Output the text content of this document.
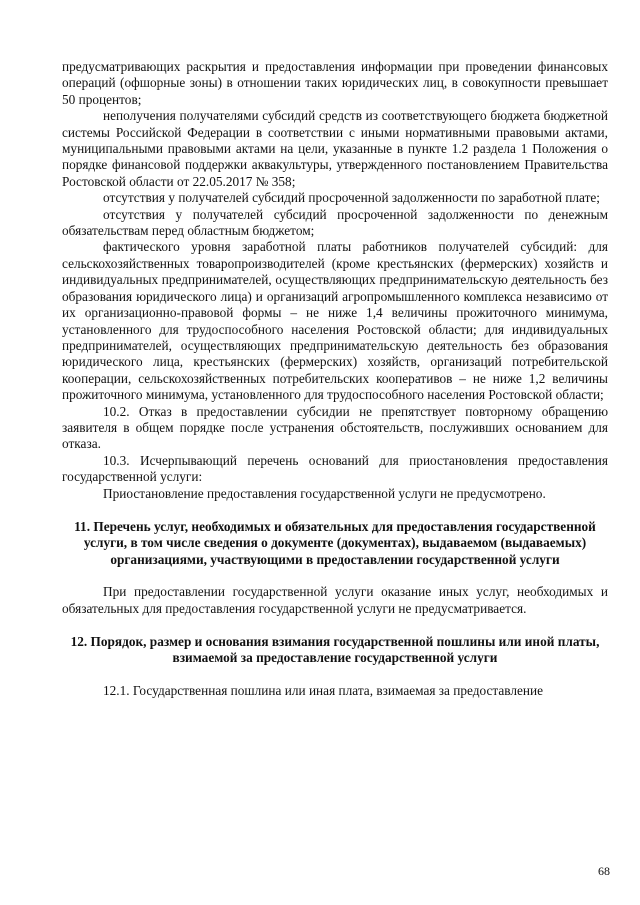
предусматривающих раскрытия и предоставления информации при проведении финансовых операций (офшорные зоны) в отношении таких юридических лиц, в совокупности превышает 50 процентов;

неполучения получателями субсидий средств из соответствующего бюджета бюджетной системы Российской Федерации в соответствии с иными нормативными правовыми актами, муниципальными правовыми актами на цели, указанные в пункте 1.2 раздела 1 Положения о порядке финансовой поддержки аквакультуры, утвержденного постановлением Правительства Ростовской области от 22.05.2017 № 358;

отсутствия у получателей субсидий просроченной задолженности по заработной плате;

отсутствия у получателей субсидий просроченной задолженности по денежным обязательствам перед областным бюджетом;

фактического уровня заработной платы работников получателей субсидий: для сельскохозяйственных товаропроизводителей (кроме крестьянских (фермерских) хозяйств и индивидуальных предпринимателей, осуществляющих предпринимательскую деятельность без образования юридического лица) и организаций агропромышленного комплекса независимо от их организационно-правовой формы – не ниже 1,4 величины прожиточного минимума, установленного для трудоспособного населения Ростовской области; для индивидуальных предпринимателей, осуществляющих предпринимательскую деятельность без образования юридического лица, крестьянских (фермерских) хозяйств, организаций потребительской кооперации, сельскохозяйственных потребительских кооперативов – не ниже 1,2 величины прожиточного минимума, установленного для трудоспособного населения Ростовской области;

10.2. Отказ в предоставлении субсидии не препятствует повторному обращению заявителя в общем порядке после устранения обстоятельств, послуживших основанием для отказа.

10.3. Исчерпывающий перечень оснований для приостановления предоставления государственной услуги:

Приостановление предоставления государственной услуги не предусмотрено.

11. Перечень услуг, необходимых и обязательных для предоставления государственной услуги, в том числе сведения о документе (документах), выдаваемом (выдаваемых) организациями, участвующими в предоставлении государственной услуги

При предоставлении государственной услуги оказание иных услуг, необходимых и обязательных для предоставления государственной услуги не предусматривается.

12. Порядок, размер и основания взимания государственной пошлины или иной платы, взимаемой за предоставление государственной услуги

12.1. Государственная пошлина или иная плата, взимаемая за предоставление

68
